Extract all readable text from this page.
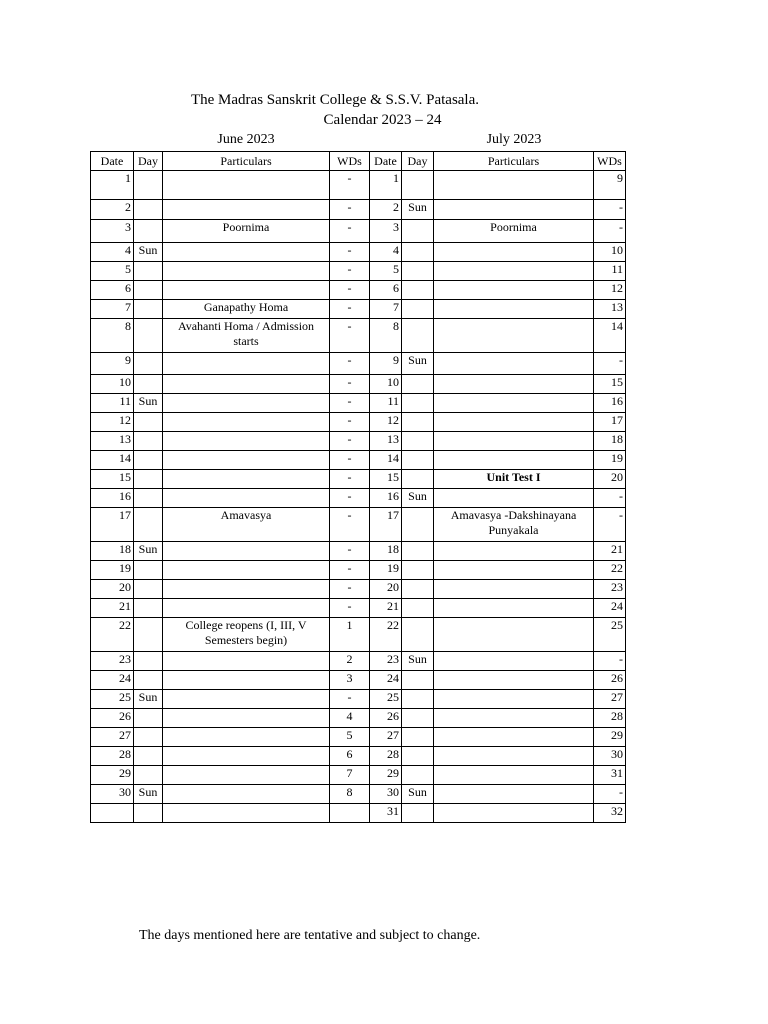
The Madras Sanskrit College & S.S.V. Patasala.
Calendar 2023 – 24
June 2023	July 2023
Date	Day	Particulars	WDs	Date	Day	Particulars	WDs
1			-	1			9
2			-	2	Sun		-
3		Poornima	-	3		Poornima	-
4	Sun		-	4			10
5			-	5			11
6			-	6			12
7		Ganapathy Homa	-	7			13
8		Avahanti Homa / Admission starts	-	8			14
9			-	9	Sun		-
10			-	10			15
11	Sun		-	11			16
12			-	12			17
13			-	13			18
14			-	14			19
15			-	15		Unit Test I	20
16			-	16	Sun		-
17		Amavasya	-	17		Amavasya -Dakshinayana Punyakala	-
18	Sun		-	18			21
19			-	19			22
20			-	20			23
21			-	21			24
22		College reopens (I, III, V Semesters begin)	1	22			25
23			2	23	Sun		-
24			3	24			26
25	Sun		-	25			27
26			4	26			28
27			5	27			29
28			6	28			30
29			7	29			31
30	Sun		8	30	Sun		-
				31			32
The days mentioned here are tentative and subject to change.
